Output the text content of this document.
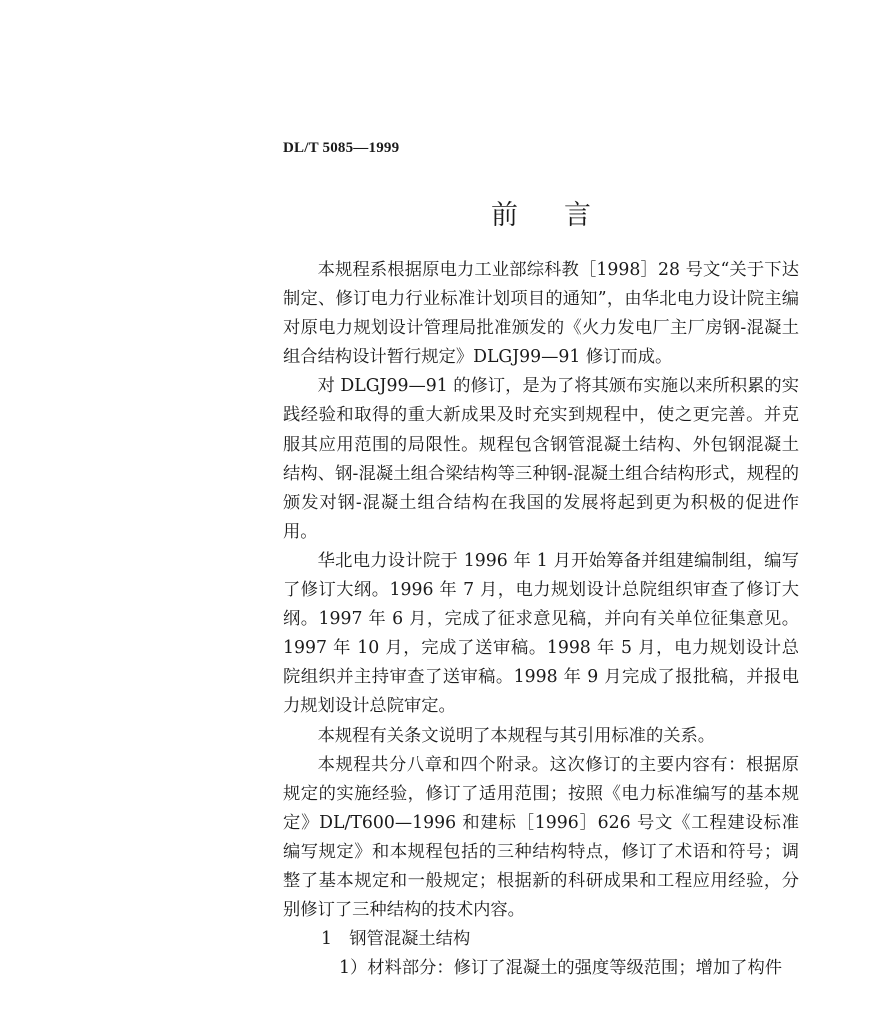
DL/T 5085—1999
前言

本规程系根据原电力工业部综科教［1998］28 号文“关于下达制定、修订电力行业标准计划项目的通知”，由华北电力设计院主编对原电力规划设计管理局批准颁发的《火力发电厂主厂房钢-混凝土组合结构设计暂行规定》DLGJ99—91 修订而成。

对 DLGJ99—91 的修订，是为了将其颁布实施以来所积累的实践经验和取得的重大新成果及时充实到规程中，使之更完善。并克服其应用范围的局限性。规程包含钢管混凝土结构、外包钢混凝土结构、钢-混凝土组合梁结构等三种钢-混凝土组合结构形式，规程的颁发对钢-混凝土组合结构在我国的发展将起到更为积极的促进作用。

华北电力设计院于 1996 年 1 月开始筹备并组建编制组，编写了修订大纲。1996 年 7 月，电力规划设计总院组织审查了修订大纲。1997 年 6 月，完成了征求意见稿，并向有关单位征集意见。1997 年 10 月，完成了送审稿。1998 年 5 月，电力规划设计总院组织并主持审查了送审稿。1998 年 9 月完成了报批稿，并报电力规划设计总院审定。

本规程有关条文说明了本规程与其引用标准的关系。

本规程共分八章和四个附录。这次修订的主要内容有：根据原规定的实施经验，修订了适用范围；按照《电力标准编写的基本规定》DL/T600—1996 和建标［1996］626 号文《工程建设标准编写规定》和本规程包括的三种结构特点，修订了术语和符号；调整了基本规定和一般规定；根据新的科研成果和工程应用经验，分别修订了三种结构的技术内容。

1　钢管混凝土结构

1）材料部分：修订了混凝土的强度等级范围；增加了构件
